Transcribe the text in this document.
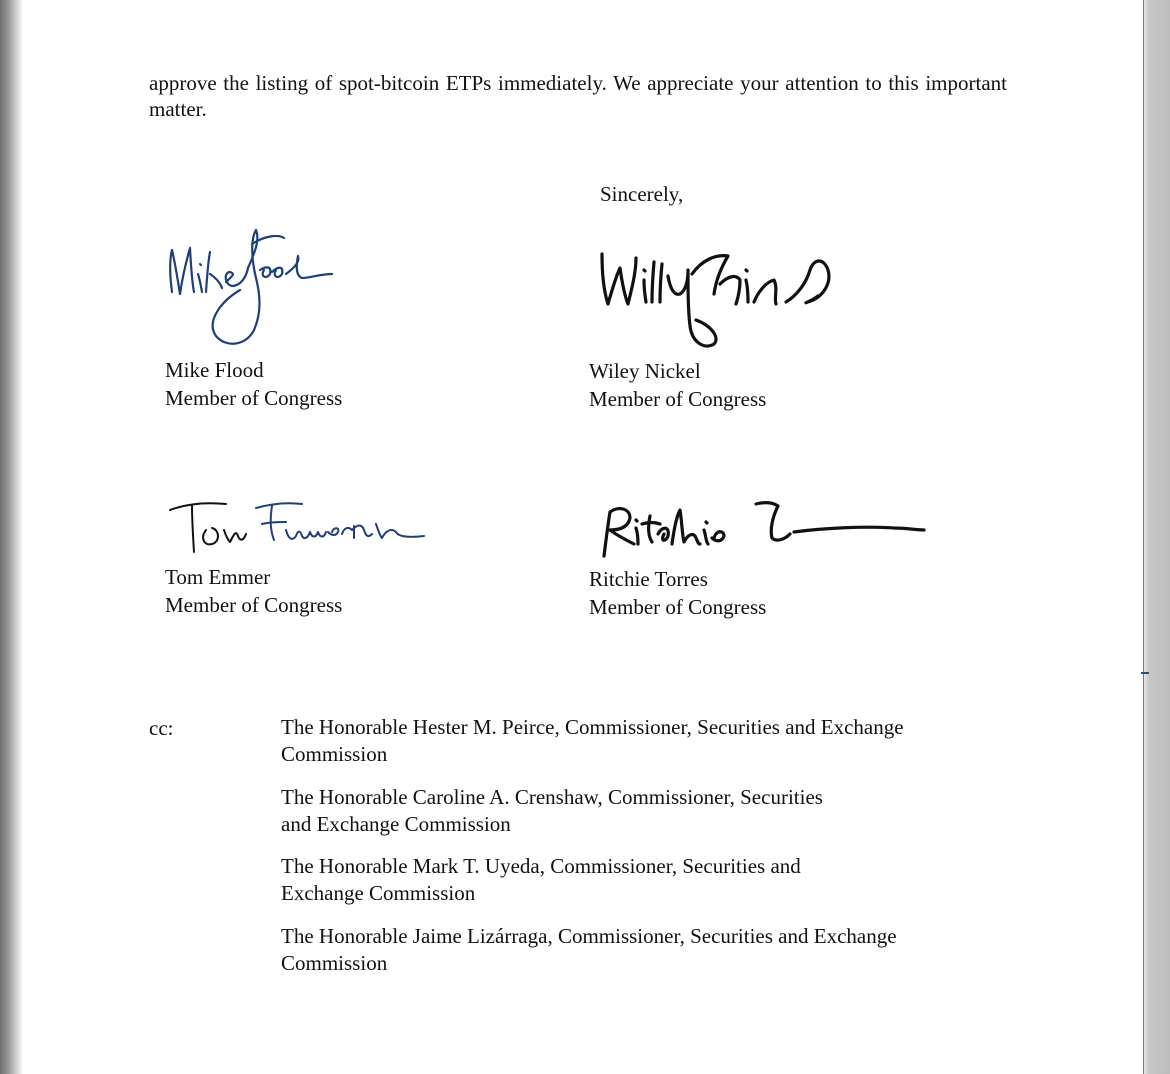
approve the listing of spot-bitcoin ETPs immediately. We appreciate your attention to this important matter.
Sincerely,
Mike Flood
Member of Congress
Wiley Nickel
Member of Congress
Tom Emmer
Member of Congress
Ritchie Torres
Member of Congress
cc:	The Honorable Hester M. Peirce, Commissioner, Securities and Exchange
Commission
The Honorable Caroline A. Crenshaw, Commissioner, Securities
and Exchange Commission
The Honorable Mark T. Uyeda, Commissioner, Securities and
Exchange Commission
The Honorable Jaime Lizárraga, Commissioner, Securities and Exchange
Commission
